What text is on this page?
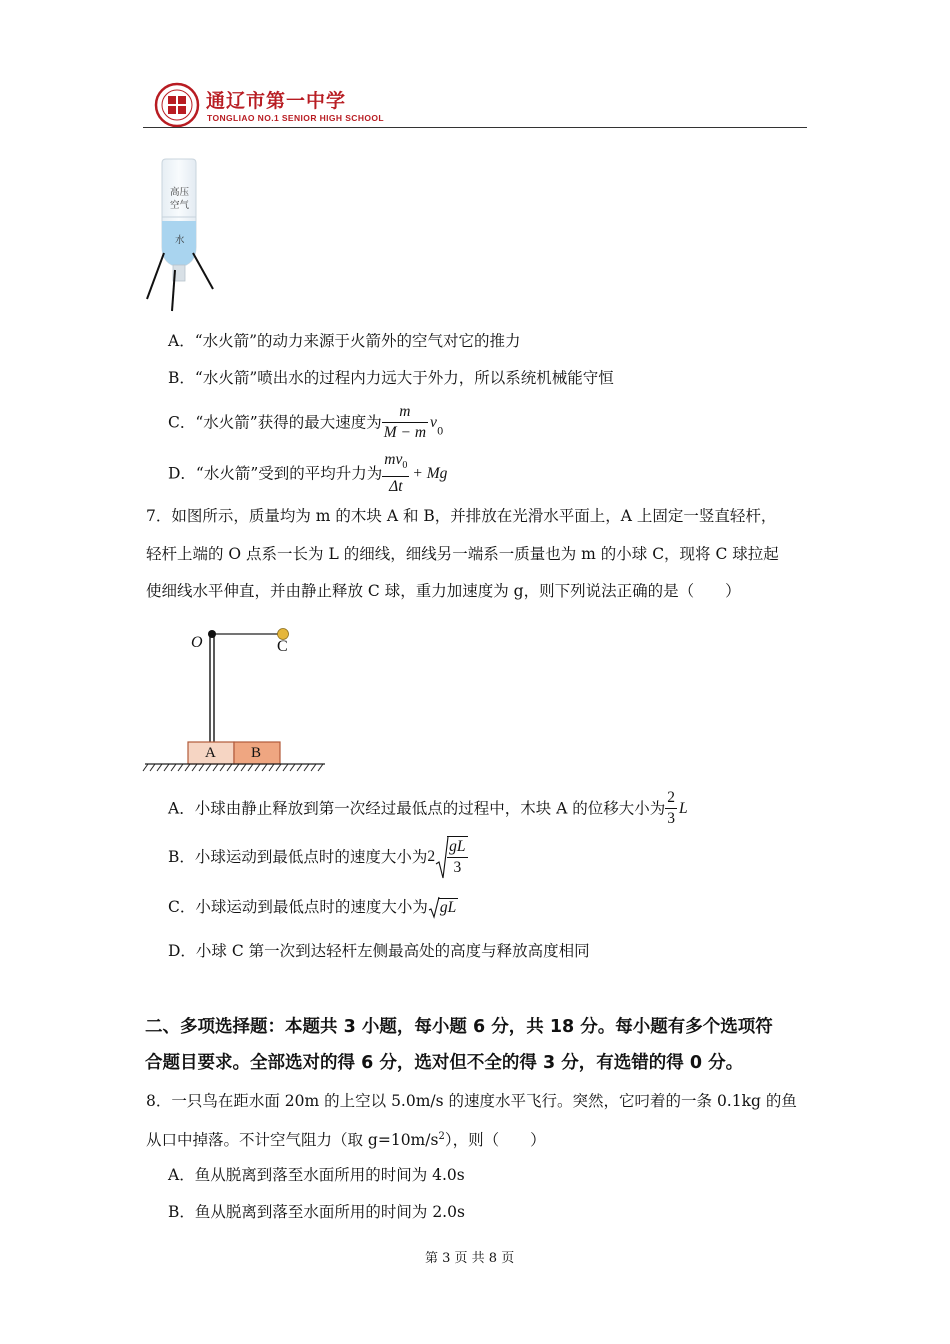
通辽市第一中学
TONGLIAO NO.1 SENIOR HIGH SCHOOL
高压
空气
水
A．“水火箭”的动力来源于火箭外的空气对它的推力
B．“水火箭”喷出水的过程内力远大于外力，所以系统机械能守恒
C．“水火箭”获得的最大速度为 $\frac{m}{M - m} v_0$
D．“水火箭”受到的平均升力为 $\frac{mv_0}{\Delta t} + Mg$
7．如图所示，质量均为 m 的木块 A 和 B，并排放在光滑水平面上，A 上固定一竖直轻杆，
轻杆上端的 O 点系一长为 L 的细线，细线另一端系一质量也为 m 的小球 C，现将 C 球拉起
使细线水平伸直，并由静止释放 C 球，重力加速度为 g，则下列说法正确的是（　　）
O	C
A B
A．小球由静止释放到第一次经过最低点的过程中，木块 A 的位移大小为 $\frac{2}{3}$ L
B．小球运动到最低点时的速度大小为$2 \frac{gL}{3}$
C．小球运动到最低点时的速度大小为 gL
D．小球 C 第一次到达轻杆左侧最高处的高度与释放高度相同
二、多项选择题：本题共 3 小题，每小题 6 分，共 18 分。每小题有多个选项符
合题目要求。全部选对的得 6 分，选对但不全的得 3 分，有选错的得 0 分。
8．一只鸟在距水面 20m 的上空以 5.0m/s 的速度水平飞行。突然，它叼着的一条 0.1kg 的鱼
从口中掉落。不计空气阻力（取 $g=10m/s^2$），则（　　）
A．鱼从脱离到落至水面所用的时间为 4.0s
B．鱼从脱离到落至水面所用的时间为 2.0s
第 3 页 共 8 页
